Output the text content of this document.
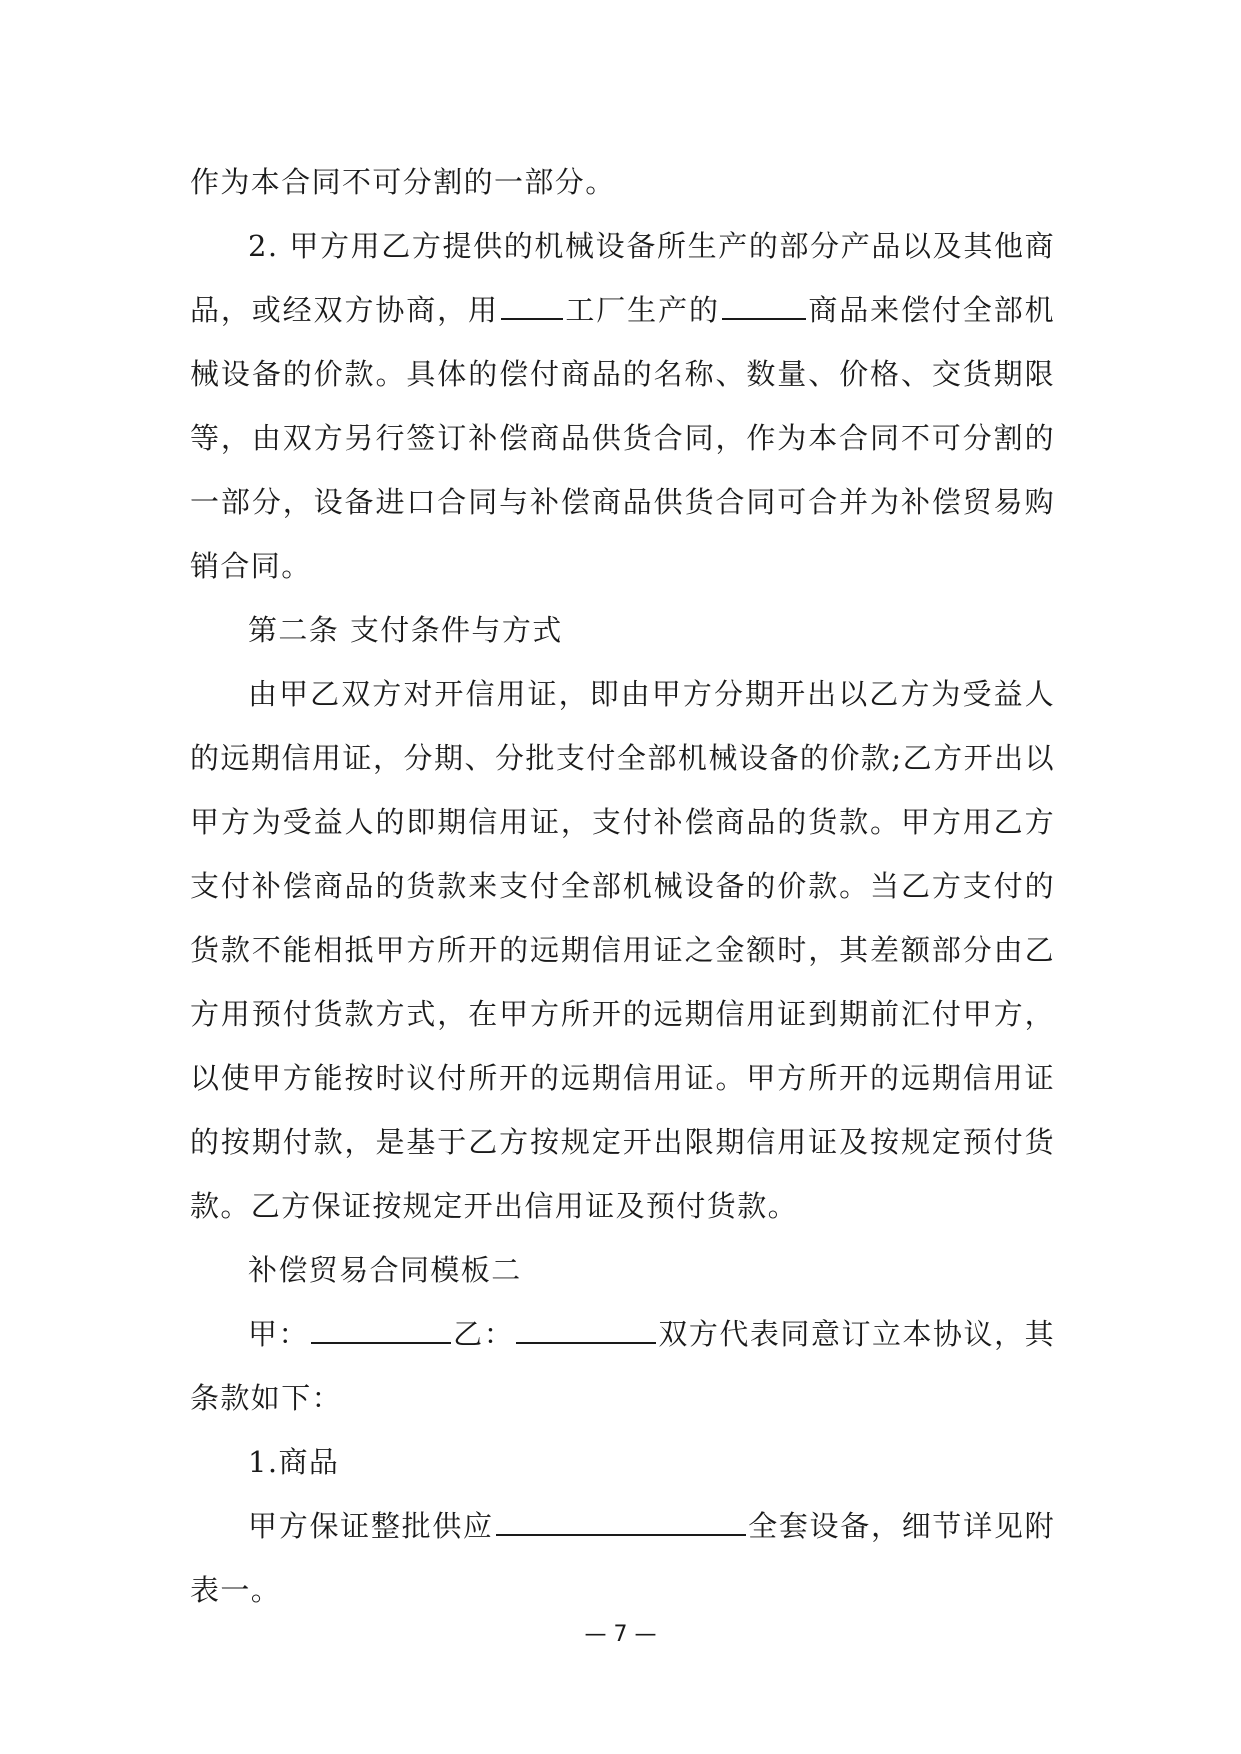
作为本合同不可分割的一部分。

2. 甲方用乙方提供的机械设备所生产的部分产品以及其他商品，或经双方协商，用 工厂生产的	商品来偿付全部机械设备的价款。具体的偿付商品的名称、数量、价格、交货期限等，由双方另行签订补偿商品供货合同，作为本合同不可分割的一部分，设备进口合同与补偿商品供货合同可合并为补偿贸易购销合同。

第二条 支付条件与方式

由甲乙双方对开信用证，即由甲方分期开出以乙方为受益人的远期信用证，分期、分批支付全部机械设备的价款;乙方开出以甲方为受益人的即期信用证，支付补偿商品的货款。甲方用乙方支付补偿商品的货款来支付全部机械设备的价款。当乙方支付的货款不能相抵甲方所开的远期信用证之金额时，其差额部分由乙方用预付货款方式，在甲方所开的远期信用证到期前汇付甲方，以使甲方能按时议付所开的远期信用证。甲方所开的远期信用证的按期付款，是基于乙方按规定开出限期信用证及按规定预付货款。乙方保证按规定开出信用证及预付货款。

补偿贸易合同模板二

甲：	乙：	双方代表同意订立本协议，其条款如下：

1.商品

甲方保证整批供应	全套设备，细节详见附表一。

— 7 —
